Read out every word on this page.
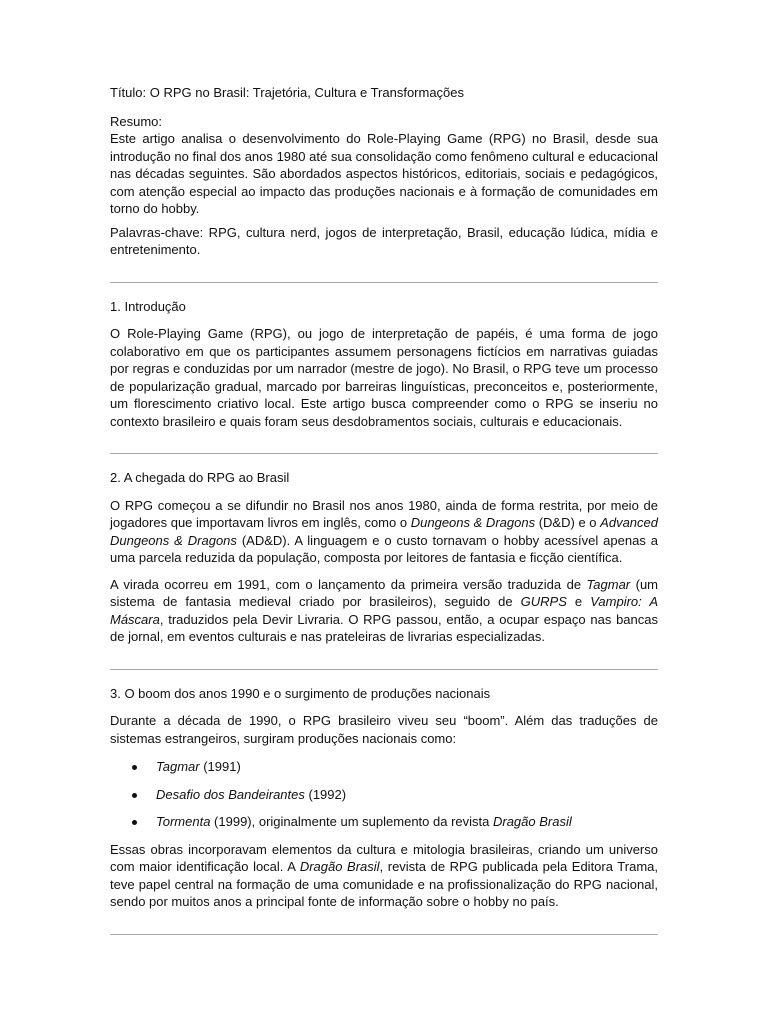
Título: O RPG no Brasil: Trajetória, Cultura e Transformações

Resumo:

Este artigo analisa o desenvolvimento do Role-Playing Game (RPG) no Brasil, desde sua introdução no final dos anos 1980 até sua consolidação como fenômeno cultural e educacional nas décadas seguintes. São abordados aspectos históricos, editoriais, sociais e pedagógicos, com atenção especial ao impacto das produções nacionais e à formação de comunidades em torno do hobby.

Palavras-chave: RPG, cultura nerd, jogos de interpretação, Brasil, educação lúdica, mídia e entretenimento.

1. Introdução

O Role-Playing Game (RPG), ou jogo de interpretação de papéis, é uma forma de jogo colaborativo em que os participantes assumem personagens fictícios em narrativas guiadas por regras e conduzidas por um narrador (mestre de jogo). No Brasil, o RPG teve um processo de popularização gradual, marcado por barreiras linguísticas, preconceitos e, posteriormente, um florescimento criativo local. Este artigo busca compreender como o RPG se inseriu no contexto brasileiro e quais foram seus desdobramentos sociais, culturais e educacionais.

2. A chegada do RPG ao Brasil

O RPG começou a se difundir no Brasil nos anos 1980, ainda de forma restrita, por meio de jogadores que importavam livros em inglês, como o Dungeons & Dragons (D&D) e o Advanced Dungeons & Dragons (AD&D). A linguagem e o custo tornavam o hobby acessível apenas a uma parcela reduzida da população, composta por leitores de fantasia e ficção científica.

A virada ocorreu em 1991, com o lançamento da primeira versão traduzida de Tagmar (um sistema de fantasia medieval criado por brasileiros), seguido de GURPS e Vampiro: A Máscara, traduzidos pela Devir Livraria. O RPG passou, então, a ocupar espaço nas bancas de jornal, em eventos culturais e nas prateleiras de livrarias especializadas.

3. O boom dos anos 1990 e o surgimento de produções nacionais

Durante a década de 1990, o RPG brasileiro viveu seu “boom”. Além das traduções de sistemas estrangeiros, surgiram produções nacionais como:

Tagmar (1991)
Desafio dos Bandeirantes (1992)
Tormenta (1999), originalmente um suplemento da revista Dragão Brasil

Essas obras incorporavam elementos da cultura e mitologia brasileiras, criando um universo com maior identificação local. A Dragão Brasil, revista de RPG publicada pela Editora Trama, teve papel central na formação de uma comunidade e na profissionalização do RPG nacional, sendo por muitos anos a principal fonte de informação sobre o hobby no país.
